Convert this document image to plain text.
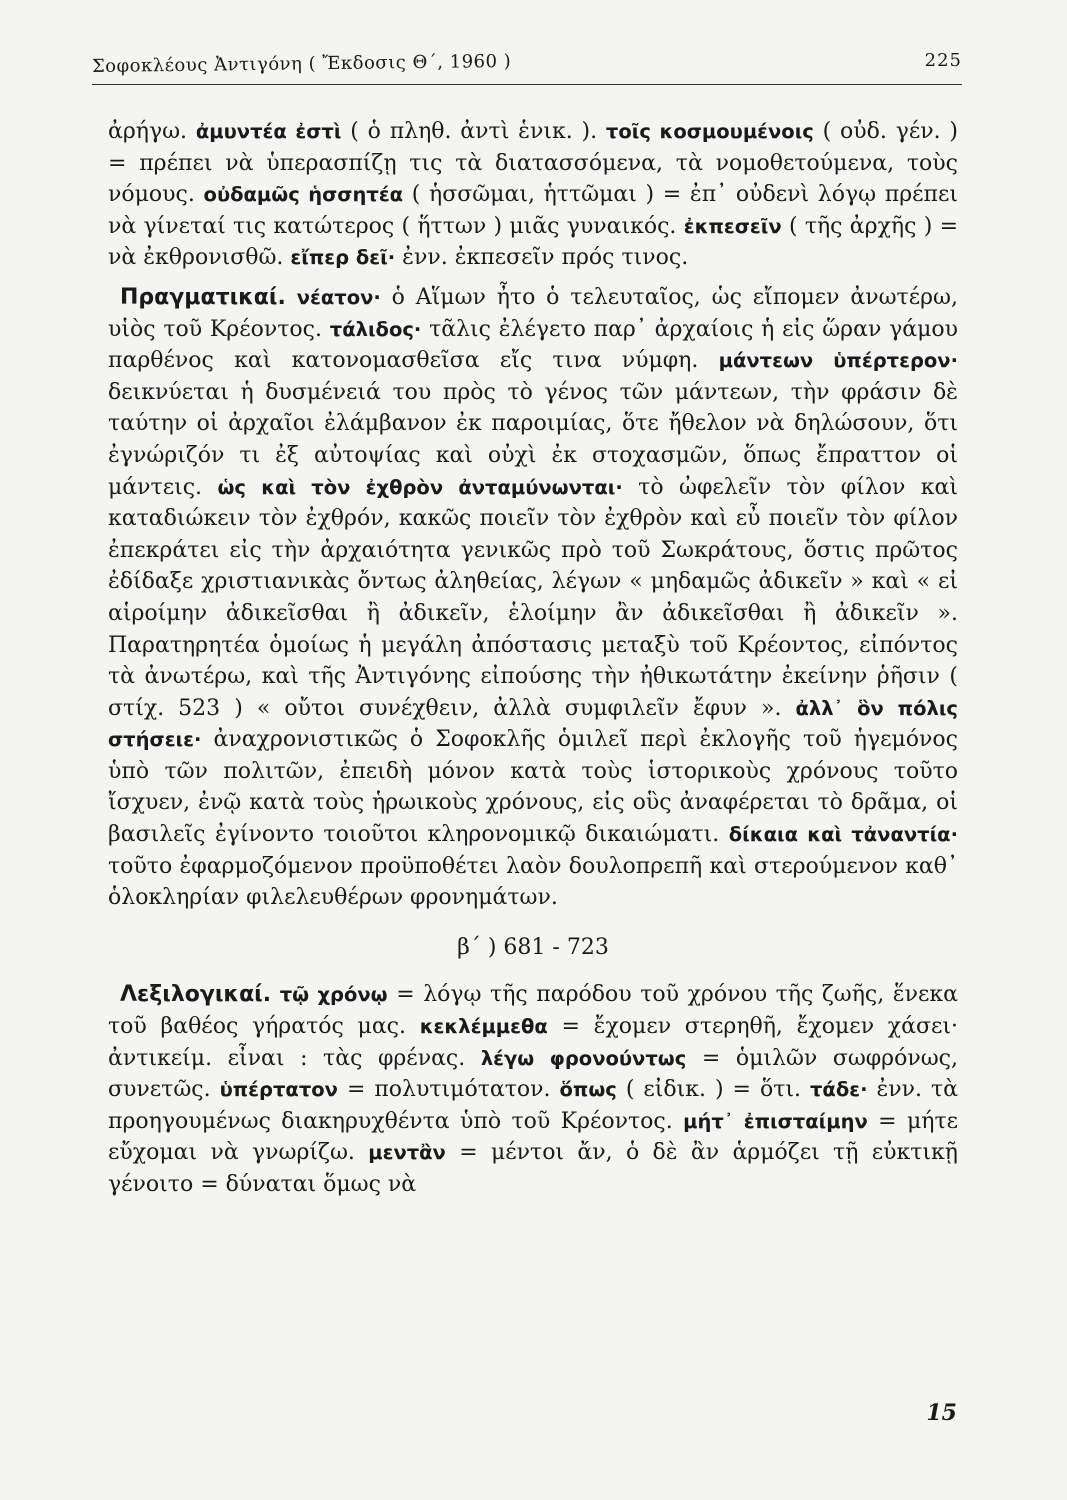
Σοφοκλέους Ἀντιγόνη ( Ἔκδοσις Θ΄, 1960 )	225

ἀρήγω. ἀμυντέα ἐστὶ ( ὁ πληθ. ἀντὶ ἑνικ. ). τοῖς κοσμουμένοις ( οὐδ. γέν. ) = πρέπει νὰ ὑπερασπίζῃ τις τὰ διατασσόμενα, τὰ νομοθετούμενα, τοὺς νόμους. οὐδαμῶς ἡσσητέα ( ἡσσῶμαι, ἡττῶμαι ) = ἐπ᾽ οὐδενὶ λόγῳ πρέπει νὰ γίνεταί τις κατώτερος ( ἥττων ) μιᾶς γυναικός. ἐκπεσεῖν ( τῆς ἀρχῆς ) = νὰ ἐκθρονισθῶ. εἴπερ δεῖ· ἐνν. ἐκπεσεῖν πρός τινος.

Πραγματικαί. νέατον· ὁ Αἵμων ἦτο ὁ τελευταῖος, ὡς εἴπομεν ἀνωτέρω, υἱὸς τοῦ Κρέοντος. τάλιδος· τᾶλις ἐλέγετο παρ᾽ ἀρχαίοις ἡ εἰς ὥραν γάμου παρθένος καὶ κατονομασθεῖσα εἴς τινα νύμφη. μάντεων ὑπέρτερον· δεικνύεται ἡ δυσμένειά του πρὸς τὸ γένος τῶν μάντεων, τὴν φράσιν δὲ ταύτην οἱ ἀρχαῖοι ἐλάμβανον ἐκ παροιμίας, ὅτε ἤθελον νὰ δηλώσουν, ὅτι ἐγνώριζόν τι ἐξ αὐτοψίας καὶ οὐχὶ ἐκ στοχασμῶν, ὅπως ἔπραττον οἱ μάντεις. ὡς καὶ τὸν ἐχθρὸν ἀνταμύνωνται· τὸ ὠφελεῖν τὸν φίλον καὶ καταδιώκειν τὸν ἐχθρόν, κακῶς ποιεῖν τὸν ἐχθρὸν καὶ εὖ ποιεῖν τὸν φίλον ἐπεκράτει εἰς τὴν ἀρχαιότητα γενικῶς πρὸ τοῦ Σωκράτους, ὅστις πρῶτος ἐδίδαξε χριστιανικὰς ὄντως ἀληθείας, λέγων « μηδαμῶς ἀδικεῖν » καὶ « εἰ αἱροίμην ἀδικεῖσθαι ἢ ἀδικεῖν, ἑλοίμην ἂν ἀδικεῖσθαι ἢ ἀδικεῖν ». Παρατηρητέα ὁμοίως ἡ μεγάλη ἀπόστασις μεταξὺ τοῦ Κρέοντος, εἰπόντος τὰ ἀνωτέρω, καὶ τῆς Ἀντιγόνης εἰπούσης τὴν ἠθικωτάτην ἐκείνην ῥῆσιν ( στίχ. 523 ) « οὔτοι συνέχθειν, ἀλλὰ συμφιλεῖν ἔφυν ». ἀλλ᾽ ὃν πόλις στήσειε· ἀναχρονιστικῶς ὁ Σοφοκλῆς ὁμιλεῖ περὶ ἐκλογῆς τοῦ ἡγεμόνος ὑπὸ τῶν πολιτῶν, ἐπειδὴ μόνον κατὰ τοὺς ἱστορικοὺς χρόνους τοῦτο ἴσχυεν, ἐνῷ κατὰ τοὺς ἡρωικοὺς χρόνους, εἰς οὓς ἀναφέρεται τὸ δρᾶμα, οἱ βασιλεῖς ἐγίνοντο τοιοῦτοι κληρονομικῷ δικαιώματι. δίκαια καὶ τἀναντία· τοῦτο ἐφαρμοζόμενον προϋποθέτει λαὸν δουλοπρεπῆ καὶ στερούμενον καθ᾽ ὁλοκληρίαν φιλελευθέρων φρονημάτων.

β΄ ) 681 - 723

Λεξιλογικαί. τῷ χρόνῳ = λόγῳ τῆς παρόδου τοῦ χρόνου τῆς ζωῆς, ἕνεκα τοῦ βαθέος γήρατός μας. κεκλέμμεθα = ἔχομεν στερηθῆ, ἔχομεν χάσει· ἀντικείμ. εἶναι : τὰς φρένας. λέγω φρονούντως = ὁμιλῶν σωφρόνως, συνετῶς. ὑπέρτατον = πολυτιμότατον. ὅπως ( εἰδικ. ) = ὅτι. τάδε· ἐνν. τὰ προηγουμένως διακηρυχθέντα ὑπὸ τοῦ Κρέοντος. μήτ᾽ ἐπισταίμην = μήτε εὔχομαι νὰ γνωρίζω. μεντἂν = μέντοι ἄν, ὁ δὲ ἂν ἁρμόζει τῇ εὐκτικῇ γένοιτο = δύναται ὅμως νὰ

15
